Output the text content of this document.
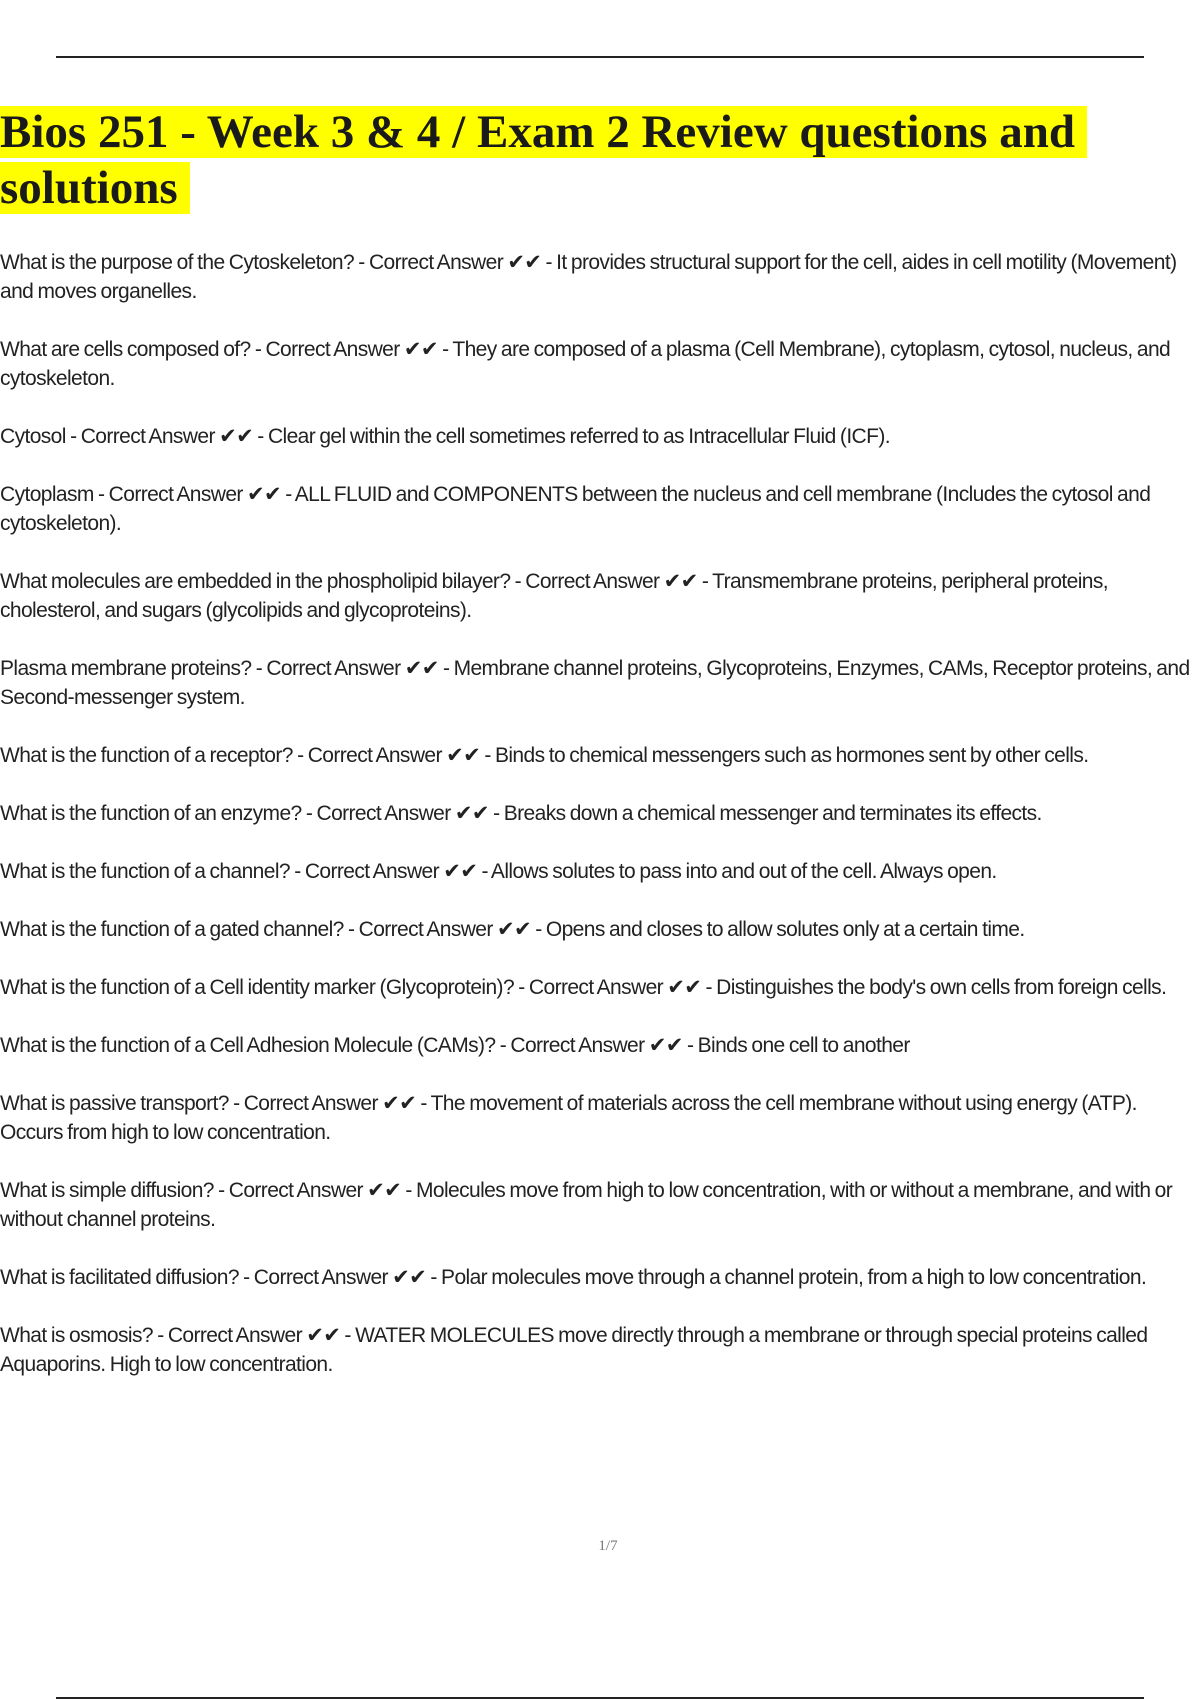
Bios 251 - Week 3 & 4 / Exam 2 Review questions and solutions
What is the purpose of the Cytoskeleton? - Correct Answer ✔✔ - It provides structural support for the cell, aides in cell motility (Movement) and moves organelles.
What are cells composed of? - Correct Answer ✔✔ - They are composed of a plasma (Cell Membrane), cytoplasm, cytosol, nucleus, and cytoskeleton.
Cytosol - Correct Answer ✔✔ - Clear gel within the cell sometimes referred to as Intracellular Fluid (ICF).
Cytoplasm - Correct Answer ✔✔ - ALL FLUID and COMPONENTS between the nucleus and cell membrane (Includes the cytosol and cytoskeleton).
What molecules are embedded in the phospholipid bilayer? - Correct Answer ✔✔ - Transmembrane proteins, peripheral proteins, cholesterol, and sugars (glycolipids and glycoproteins).
Plasma membrane proteins? - Correct Answer ✔✔ - Membrane channel proteins, Glycoproteins, Enzymes, CAMs, Receptor proteins, and Second-messenger system.
What is the function of a receptor? - Correct Answer ✔✔ - Binds to chemical messengers such as hormones sent by other cells.
What is the function of an enzyme? - Correct Answer ✔✔ - Breaks down a chemical messenger and terminates its effects.
What is the function of a channel? - Correct Answer ✔✔ - Allows solutes to pass into and out of the cell. Always open.
What is the function of a gated channel? - Correct Answer ✔✔ - Opens and closes to allow solutes only at a certain time.
What is the function of a Cell identity marker (Glycoprotein)? - Correct Answer ✔✔ - Distinguishes the body's own cells from foreign cells.
What is the function of a Cell Adhesion Molecule (CAMs)? - Correct Answer ✔✔ - Binds one cell to another
What is passive transport? - Correct Answer ✔✔ - The movement of materials across the cell membrane without using energy (ATP). Occurs from high to low concentration.
What is simple diffusion? - Correct Answer ✔✔ - Molecules move from high to low concentration, with or without a membrane, and with or without channel proteins.
What is facilitated diffusion? - Correct Answer ✔✔ - Polar molecules move through a channel protein, from a high to low concentration.
What is osmosis? - Correct Answer ✔✔ - WATER MOLECULES move directly through a membrane or through special proteins called Aquaporins. High to low concentration.
1/7
